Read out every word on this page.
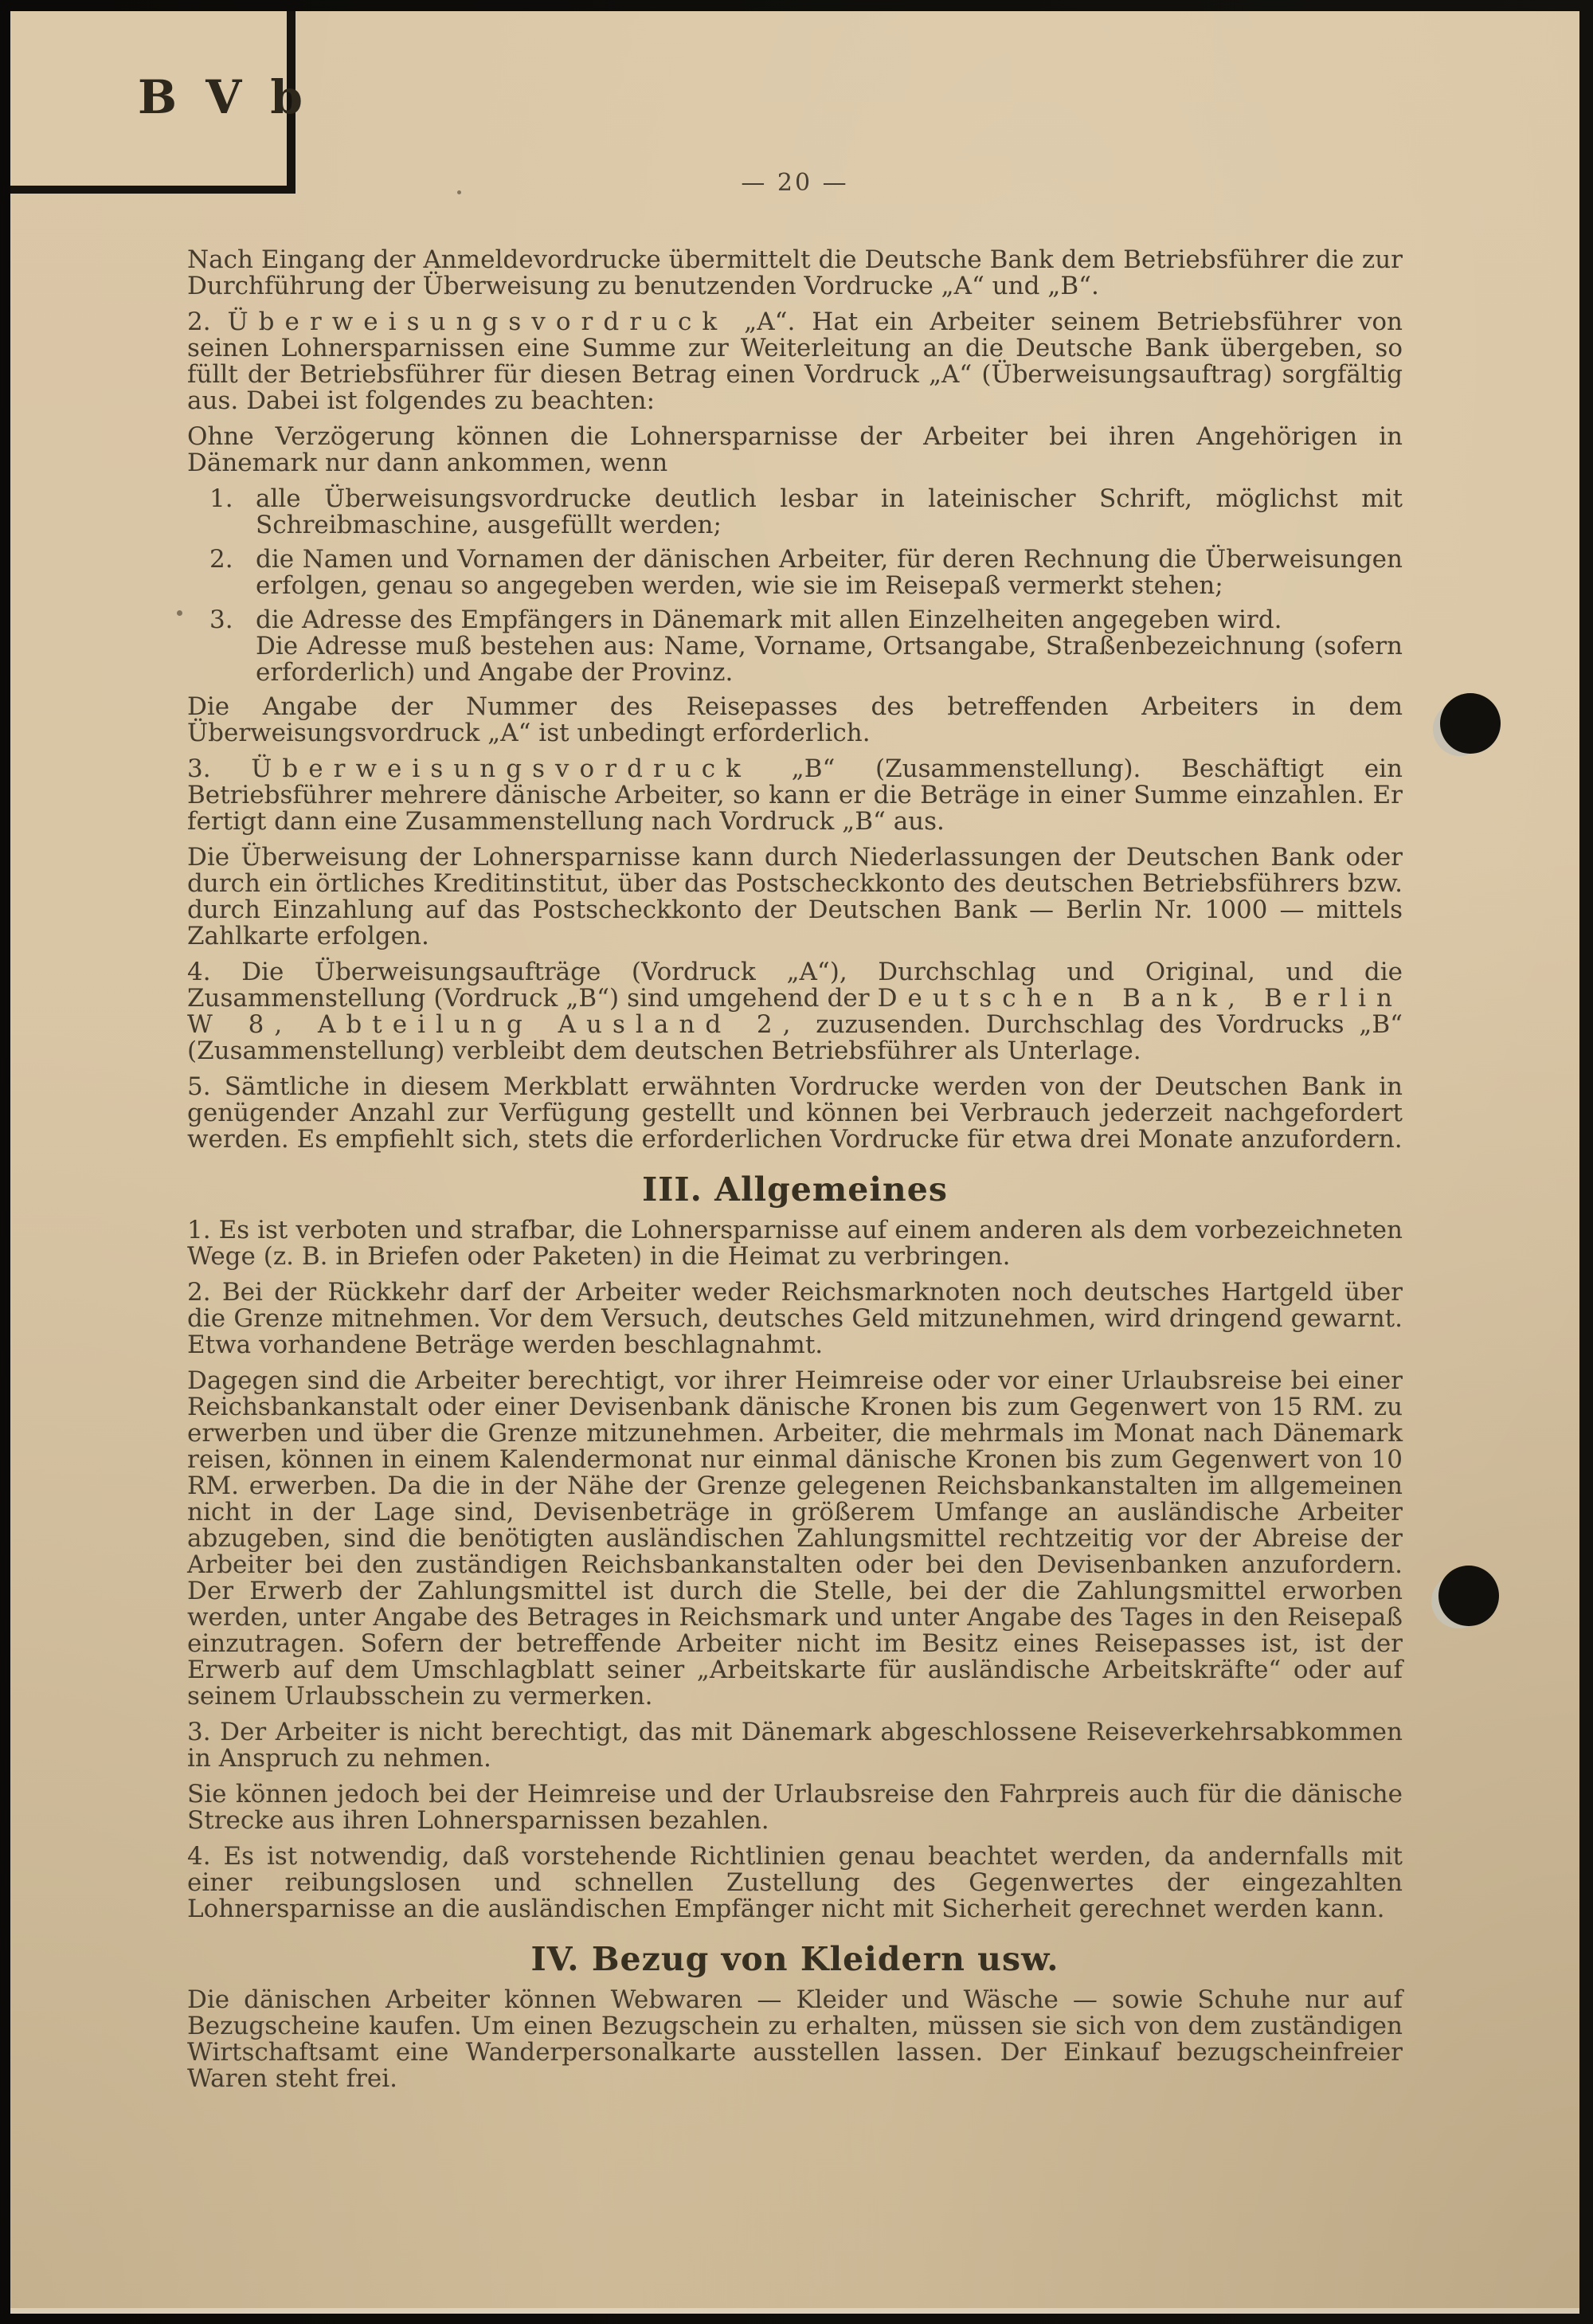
B V b
— 20 —
Nach Eingang der Anmeldevordrucke übermittelt die Deutsche Bank dem Betriebsführer die zur Durchführung der Überweisung zu benutzenden Vordrucke „A“ und „B“.
2. Überweisungsvordruck „A“. Hat ein Arbeiter seinem Betriebsführer von seinen Lohnersparnissen eine Summe zur Weiterleitung an die Deutsche Bank übergeben, so füllt der Betriebsführer für diesen Betrag einen Vordruck „A“ (Überweisungsauftrag) sorgfältig aus. Dabei ist folgendes zu beachten:
Ohne Verzögerung können die Lohnersparnisse der Arbeiter bei ihren Angehörigen in Dänemark nur dann ankommen, wenn
1. alle Überweisungsvordrucke deutlich lesbar in lateinischer Schrift, möglichst mit Schreibmaschine, ausgefüllt werden;
2. die Namen und Vornamen der dänischen Arbeiter, für deren Rechnung die Überweisungen erfolgen, genau so angegeben werden, wie sie im Reisepaß vermerkt stehen;
3. die Adresse des Empfängers in Dänemark mit allen Einzelheiten angegeben wird.
Die Adresse muß bestehen aus: Name, Vorname, Ortsangabe, Straßenbezeichnung (sofern erforderlich) und Angabe der Provinz.
Die Angabe der Nummer des Reisepasses des betreffenden Arbeiters in dem Überweisungsvordruck „A“ ist unbedingt erforderlich.
3. Überweisungsvordruck „B“ (Zusammenstellung). Beschäftigt ein Betriebsführer mehrere dänische Arbeiter, so kann er die Beträge in einer Summe einzahlen. Er fertigt dann eine Zusammenstellung nach Vordruck „B“ aus.
Die Überweisung der Lohnersparnisse kann durch Niederlassungen der Deutschen Bank oder durch ein örtliches Kreditinstitut, über das Postscheckkonto des deutschen Betriebsführers bzw. durch Einzahlung auf das Postscheckkonto der Deutschen Bank — Berlin Nr. 1000 — mittels Zahlkarte erfolgen.
4. Die Überweisungsaufträge (Vordruck „A“), Durchschlag und Original, und die Zusammenstellung (Vordruck „B“) sind umgehend der Deutschen Bank, Berlin W 8, Abteilung Ausland 2, zuzusenden. Durchschlag des Vordrucks „B“ (Zusammenstellung) verbleibt dem deutschen Betriebsführer als Unterlage.
5. Sämtliche in diesem Merkblatt erwähnten Vordrucke werden von der Deutschen Bank in genügender Anzahl zur Verfügung gestellt und können bei Verbrauch jederzeit nachgefordert werden. Es empfiehlt sich, stets die erforderlichen Vordrucke für etwa drei Monate anzufordern.
III. Allgemeines
1. Es ist verboten und strafbar, die Lohnersparnisse auf einem anderen als dem vorbezeichneten Wege (z. B. in Briefen oder Paketen) in die Heimat zu verbringen.
2. Bei der Rückkehr darf der Arbeiter weder Reichsmarknoten noch deutsches Hartgeld über die Grenze mitnehmen. Vor dem Versuch, deutsches Geld mitzunehmen, wird dringend gewarnt. Etwa vorhandene Beträge werden beschlagnahmt.
Dagegen sind die Arbeiter berechtigt, vor ihrer Heimreise oder vor einer Urlaubsreise bei einer Reichsbankanstalt oder einer Devisenbank dänische Kronen bis zum Gegenwert von 15 RM. zu erwerben und über die Grenze mitzunehmen. Arbeiter, die mehrmals im Monat nach Dänemark reisen, können in einem Kalendermonat nur einmal dänische Kronen bis zum Gegenwert von 10 RM. erwerben. Da die in der Nähe der Grenze gelegenen Reichsbankanstalten im allgemeinen nicht in der Lage sind, Devisenbeträge in größerem Umfange an ausländische Arbeiter abzugeben, sind die benötigten ausländischen Zahlungsmittel rechtzeitig vor der Abreise der Arbeiter bei den zuständigen Reichsbankanstalten oder bei den Devisenbanken anzufordern. Der Erwerb der Zahlungsmittel ist durch die Stelle, bei der die Zahlungsmittel erworben werden, unter Angabe des Betrages in Reichsmark und unter Angabe des Tages in den Reisepaß einzutragen. Sofern der betreffende Arbeiter nicht im Besitz eines Reisepasses ist, ist der Erwerb auf dem Umschlagblatt seiner „Arbeitskarte für ausländische Arbeitskräfte“ oder auf seinem Urlaubsschein zu vermerken.
3. Der Arbeiter is nicht berechtigt, das mit Dänemark abgeschlossene Reiseverkehrsabkommen in Anspruch zu nehmen.
Sie können jedoch bei der Heimreise und der Urlaubsreise den Fahrpreis auch für die dänische Strecke aus ihren Lohnersparnissen bezahlen.
4. Es ist notwendig, daß vorstehende Richtlinien genau beachtet werden, da andernfalls mit einer reibungslosen und schnellen Zustellung des Gegenwertes der eingezahlten Lohnersparnisse an die ausländischen Empfänger nicht mit Sicherheit gerechnet werden kann.
IV. Bezug von Kleidern usw.
Die dänischen Arbeiter können Webwaren — Kleider und Wäsche — sowie Schuhe nur auf Bezugscheine kaufen. Um einen Bezugschein zu erhalten, müssen sie sich von dem zuständigen Wirtschaftsamt eine Wanderpersonalkarte ausstellen lassen. Der Einkauf bezugscheinfreier Waren steht frei.
